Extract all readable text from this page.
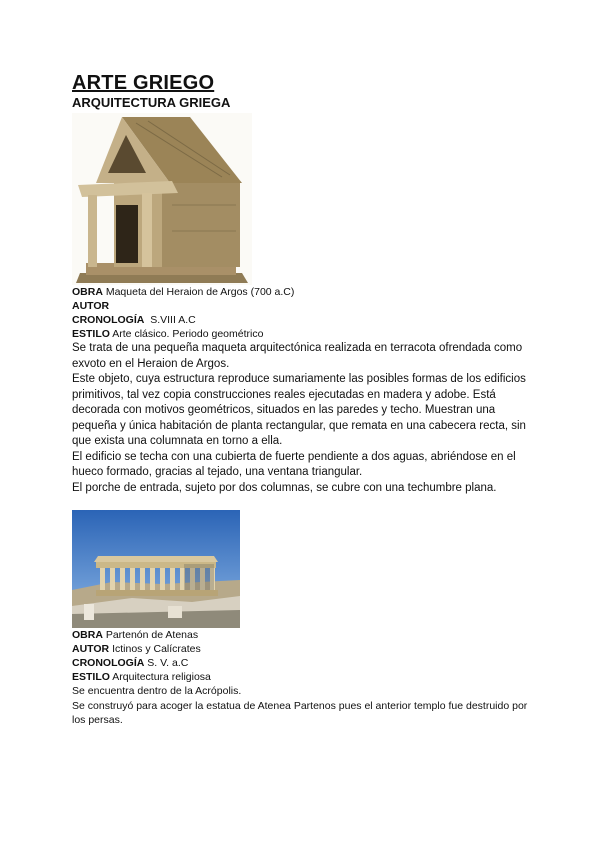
ARTE GRIEGO
ARQUITECTURA GRIEGA
OBRA Maqueta del Heraion de Argos (700 a.C)
AUTOR
CRONOLOGÍA S.VIII A.C
ESTILO Arte clásico. Periodo geométrico

Se trata de una pequeña maqueta arquitectónica realizada en terracota ofrendada como exvoto en el Heraion de Argos.

Este objeto, cuya estructura reproduce sumariamente las posibles formas de los edificios primitivos, tal vez copia construcciones reales ejecutadas en madera y adobe. Está decorada con motivos geométricos, situados en las paredes y techo. Muestran una pequeña y única habitación de planta rectangular, que remata en una cabecera recta, sin que exista una columnata en torno a ella.

El edificio se techa con una cubierta de fuerte pendiente a dos aguas, abriéndose en el hueco formado, gracias al tejado, una ventana triangular.

El porche de entrada, sujeto por dos columnas, se cubre con una techumbre plana.

OBRA Partenón de Atenas
AUTOR Ictinos y Calícrates
CRONOLOGÍA S. V. a.C
ESTILO Arquitectura religiosa

Se encuentra dentro de la Acrópolis.

Se construyó para acoger la estatua de Atenea Partenos pues el anterior templo fue destruido por los persas.
